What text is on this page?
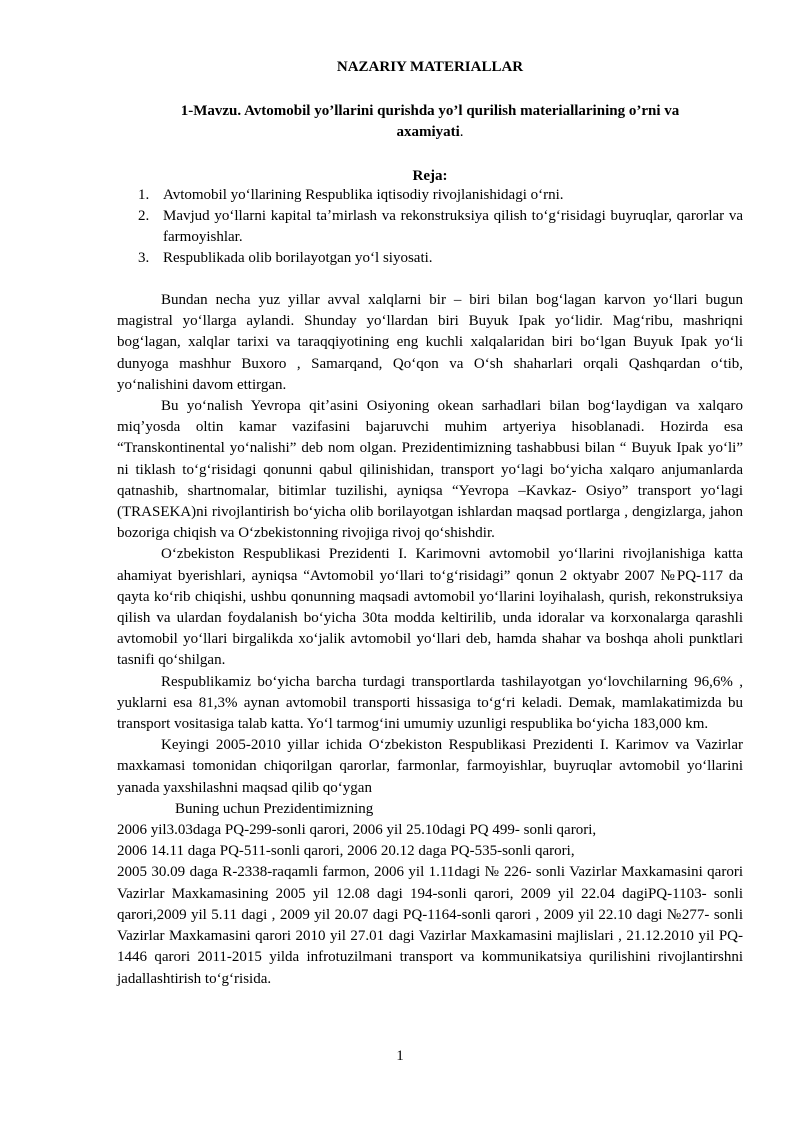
NAZARIY MATERIALLAR
1-Mavzu. Avtomobil yo’llarini qurishda yo’l qurilish materiallarining o’rni va axamiyati.
Reja:
1. Avtomobil yoʻllarining Respublika iqtisodiy rivojlanishidagi oʻrni.
2. Mavjud yoʻllarni kapital taʼmirlash va rekonstruksiya qilish toʻgʻrisidagi buyruqlar, qarorlar va farmoyishlar.
3. Respublikada olib borilayotgan yoʻl siyosati.

Bundan necha yuz yillar avval xalqlarni bir – biri bilan bogʻlagan karvon yoʻllari bugun magistral yoʻllarga aylandi. Shunday yoʻllardan biri Buyuk Ipak yoʻlidir. Magʻribu, mashriqni bogʻlagan, xalqlar tarixi va taraqqiyotining eng kuchli xalqalaridan biri boʻlgan Buyuk Ipak yoʻli dunyoga mashhur Buxoro , Samarqand, Qoʻqon va Oʻsh shaharlari orqali Qashqardan oʻtib, yoʻnalishini davom ettirgan.

Bu yoʻnalish Yevropa qitʼasini Osiyoning okean sarhadlari bilan bogʻlaydigan va xalqaro miqʼyosda oltin kamar vazifasini bajaruvchi muhim artyeriya hisoblanadi. Hozirda esa “Transkontinental yoʻnalishi” deb nom olgan. Prezidentimizning tashabbusi bilan “ Buyuk Ipak yoʻli” ni tiklash toʻgʻrisidagi qonunni qabul qilinishidan, transport yoʻlagi boʻyicha xalqaro anjumanlarda qatnashib, shartnomalar, bitimlar tuzilishi, ayniqsa “Yevropa –Kavkaz- Osiyo” transport yoʻlagi (TRASEKA)ni rivojlantirish boʻyicha olib borilayotgan ishlardan maqsad portlarga , dengizlarga, jahon bozoriga chiqish va Oʻzbekistonning rivojiga rivoj qoʻshishdir.

Oʻzbekiston Respublikasi Prezidenti I. Karimovni avtomobil yoʻllarini rivojlanishiga katta ahamiyat byerishlari, ayniqsa “Avtomobil yoʻllari toʻgʻrisidagi” qonun 2 oktyabr 2007 №PQ-117 da qayta koʻrib chiqishi, ushbu qonunning maqsadi avtomobil yoʻllarini loyihalash, qurish, rekonstruksiya qilish va ulardan foydalanish boʻyicha 30ta modda keltirilib, unda idoralar va korxonalarga qarashli avtomobil yoʻllari birgalikda xoʻjalik avtomobil yoʻllari deb, hamda shahar va boshqa aholi punktlari tasnifi qoʻshilgan.

Respublikamiz boʻyicha barcha turdagi transportlarda tashilayotgan yoʻlovchilarning 96,6% , yuklarni esa 81,3% aynan avtomobil transporti hissasiga toʻgʻri keladi. Demak, mamlakatimizda bu transport vositasiga talab katta. Yoʻl tarmogʻini umumiy uzunligi respublika boʻyicha 183,000 km.

Keyingi 2005-2010 yillar ichida Oʻzbekiston Respublikasi Prezidenti I. Karimov va Vazirlar maxkamasi tomonidan chiqorilgan qarorlar, farmonlar, farmoyishlar, buyruqlar avtomobil yoʻllarini yanada yaxshilashni maqsad qilib qoʻygan

Buning uchun Prezidentimizning

2006 yil3.03daga PQ-299-sonli qarori, 2006 yil 25.10dagi PQ 499- sonli qarori,

2006 14.11 daga PQ-511-sonli qarori, 2006 20.12 daga PQ-535-sonli qarori,

2005 30.09 daga R-2338-raqamli farmon, 2006 yil 1.11dagi № 226- sonli Vazirlar Maxkamasini qarori Vazirlar Maxkamasining 2005 yil 12.08 dagi 194-sonli qarori, 2009 yil 22.04 dagiPQ-1103- sonli qarori,2009 yil 5.11 dagi , 2009 yil 20.07 dagi PQ-1164-sonli qarori , 2009 yil 22.10 dagi №277- sonli Vazirlar Maxkamasini qarori 2010 yil 27.01 dagi Vazirlar Maxkamasini majlislari , 21.12.2010 yil PQ-1446 qarori 2011-2015 yilda infrotuzilmani transport va kommunikatsiya qurilishini rivojlantirshni jadallashtirish toʻgʻrisida.

1
